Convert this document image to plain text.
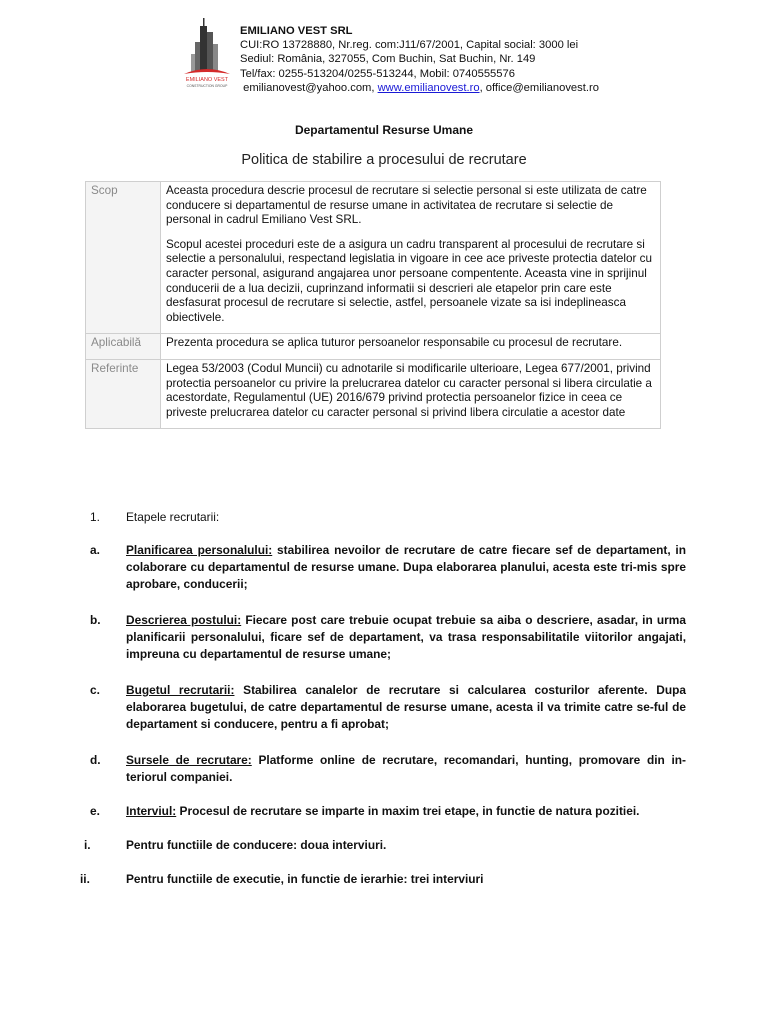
EMILIANO VEST
CONSTRUCTION GROUP
EMILIANO VEST SRL
CUI:RO 13728880, Nr.reg. com:J11/67/2001, Capital social: 3000 lei
Sediul: România, 327055, Com Buchin, Sat Buchin, Nr. 149
Tel/fax: 0255-513204/0255-513244, Mobil: 0740555576
emilianovest@yahoo.com, www.emilianovest.ro, office@emilianovest.ro
Departamentul Resurse Umane
Politica de stabilire a procesului de recrutare
Scop	Aceasta procedura descrie procesul de recrutare si selectie personal si este utilizata de catre conducere si departamentul de resurse umane in activitatea de recrutare si selectie de personal in cadrul Emiliano Vest SRL.

Scopul acestei proceduri este de a asigura un cadru transparent al procesului de recrutare si selectie a personalului, respectand legislatia in vigoare in cee ace priveste protectia datelor cu caracter personal, asigurand angajarea unor persoane compentente. Aceasta vine in sprijinul conducerii de a lua decizii, cuprinzand informatii si descrieri ale etapelor prin care este desfasurat procesul de recrutare si selectie, astfel, persoanele vizate sa isi indeplineasca obiectivele.

Aplicabilă	Prezenta procedura se aplica tuturor persoanelor responsabile cu procesul de recrutare.

Referinte	Legea 53/2003 (Codul Muncii) cu adnotarile si modificarile ulterioare, Legea 677/2001, privind protectia persoanelor cu privire la prelucrarea datelor cu caracter personal si libera circulatie a acestordate, Regulamentul (UE) 2016/679 privind protectia persoanelor fizice in ceea ce priveste prelucrarea datelor cu caracter personal si privind libera circulatie a acestor date

1. Etapele recrutarii:
a. Planificarea personalului: stabilirea nevoilor de recrutare de catre fiecare sef de departament, in colaborare cu departamentul de resurse umane. Dupa elaborarea planului, acesta este tri-mis spre aprobare, conducerii;
b. Descrierea postului: Fiecare post care trebuie ocupat trebuie sa aiba o descriere, asadar, in urma planificarii personalului, ficare sef de departament, va trasa responsabilitatile viitorilor angajati, impreuna cu departamentul de resurse umane;
c. Bugetul recrutarii: Stabilirea canalelor de recrutare si calcularea costurilor aferente. Dupa elaborarea bugetului, de catre departamentul de resurse umane, acesta il va trimite catre se-ful de departament si conducere, pentru a fi aprobat;
d. Sursele de recrutare: Platforme online de recrutare, recomandari, hunting, promovare din in-teriorul companiei.
e. Interviul: Procesul de recrutare se imparte in maxim trei etape, in functie de natura pozitiei.
i.	Pentru functiile de conducere: doua interviuri.
ii.	Pentru functiile de executie, in functie de ierarhie: trei interviuri
